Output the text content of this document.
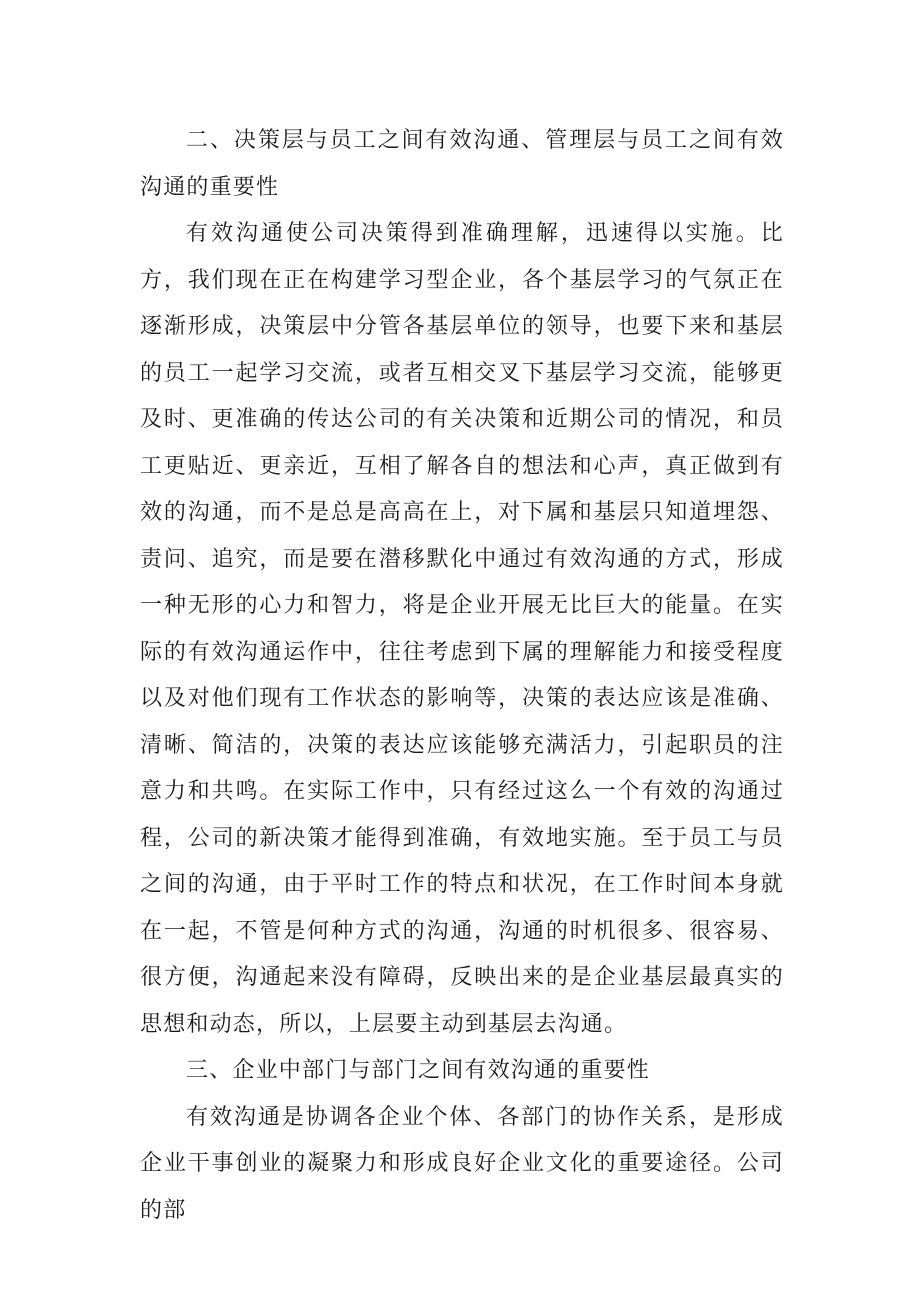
二、决策层与员工之间有效沟通、管理层与员工之间有效沟通的重要性

有效沟通使公司决策得到准确理解，迅速得以实施。比方，我们现在正在构建学习型企业，各个基层学习的气氛正在逐渐形成，决策层中分管各基层单位的领导，也要下来和基层的员工一起学习交流，或者互相交叉下基层学习交流，能够更及时、更准确的传达公司的有关决策和近期公司的情况，和员工更贴近、更亲近，互相了解各自的想法和心声，真正做到有效的沟通，而不是总是高高在上，对下属和基层只知道埋怨、责问、追究，而是要在潜移默化中通过有效沟通的方式，形成一种无形的心力和智力，将是企业开展无比巨大的能量。在实际的有效沟通运作中，往往考虑到下属的理解能力和接受程度以及对他们现有工作状态的影响等，决策的表达应该是准确、清晰、简洁的，决策的表达应该能够充满活力，引起职员的注意力和共鸣。在实际工作中，只有经过这么一个有效的沟通过程，公司的新决策才能得到准确，有效地实施。至于员工与员之间的沟通，由于平时工作的特点和状况，在工作时间本身就在一起，不管是何种方式的沟通，沟通的时机很多、很容易、很方便，沟通起来没有障碍，反映出来的是企业基层最真实的思想和动态，所以，上层要主动到基层去沟通。

三、企业中部门与部门之间有效沟通的重要性

有效沟通是协调各企业个体、各部门的协作关系，是形成企业干事创业的凝聚力和形成良好企业文化的重要途径。公司的部
